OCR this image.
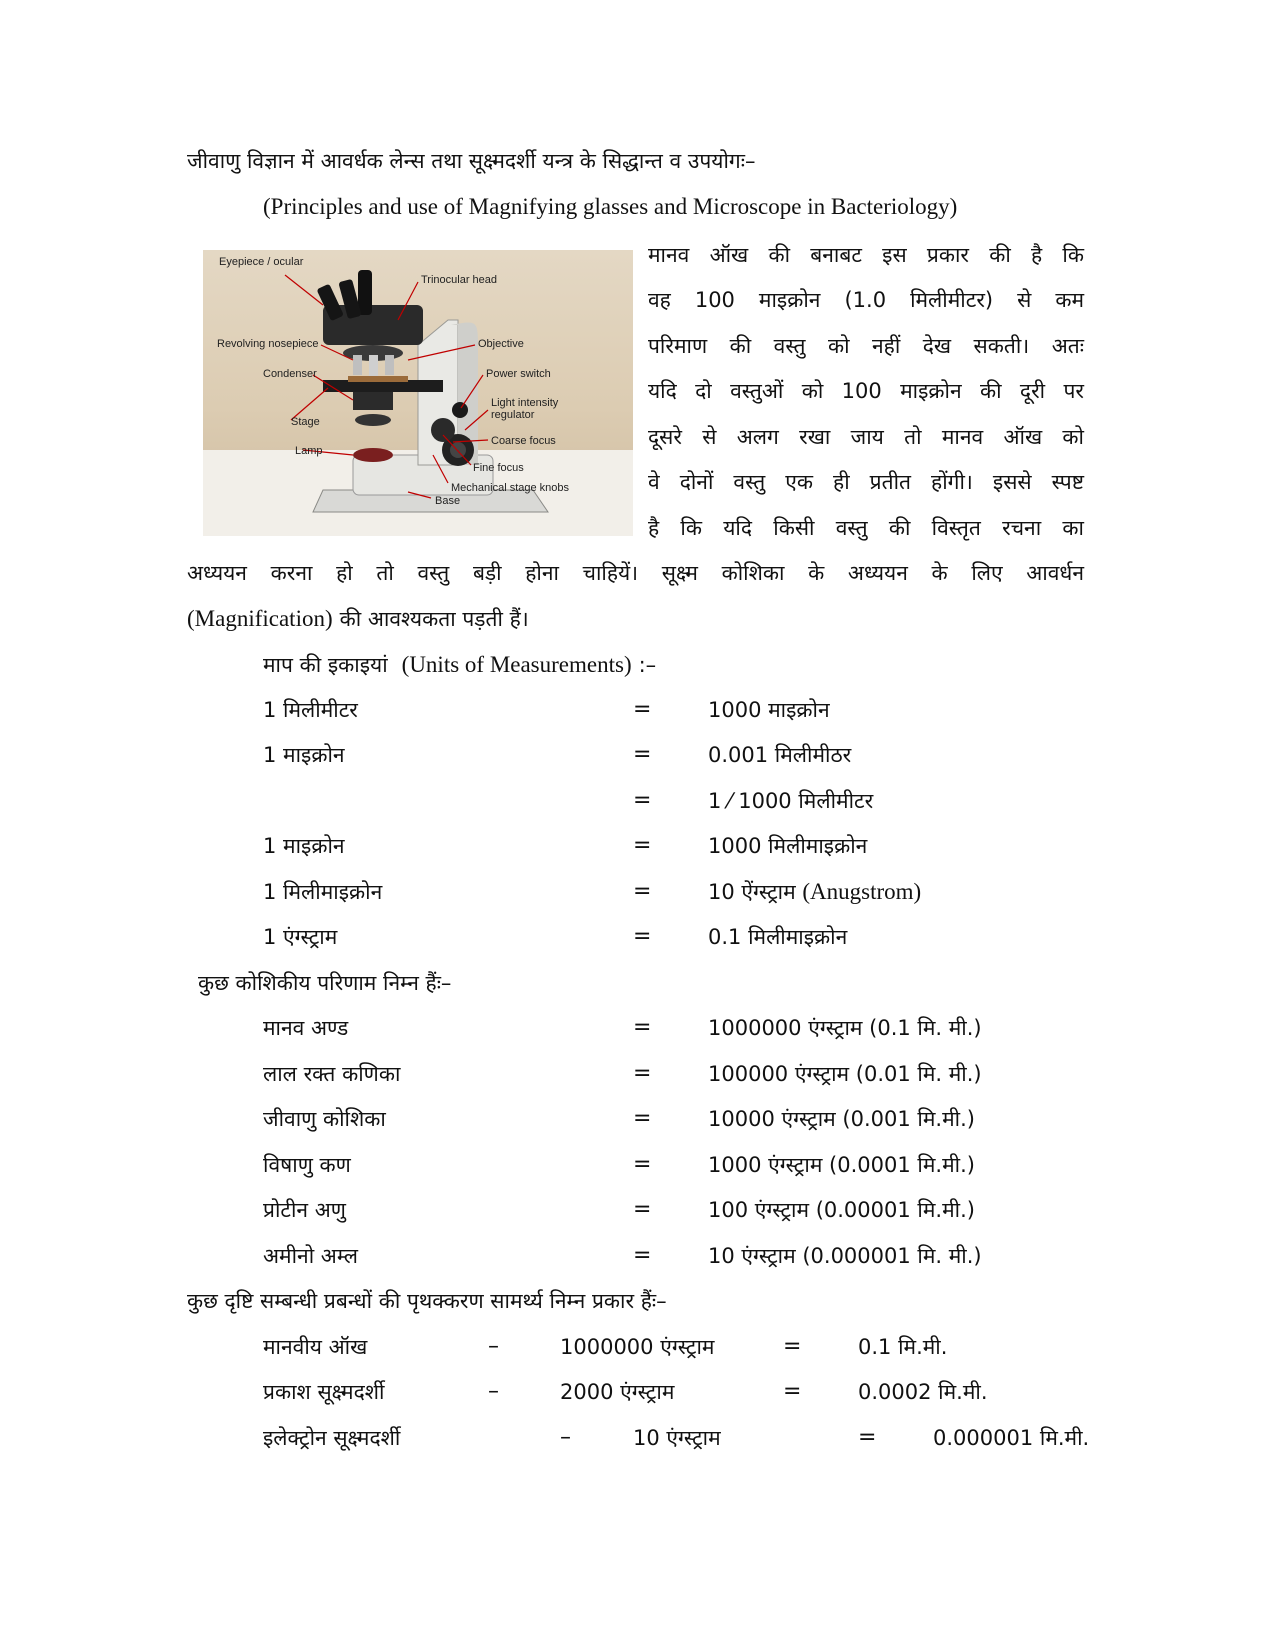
जीवाणु विज्ञान में आवर्धक लेन्स तथा सूक्ष्मदर्शी यन्त्र के सिद्धान्त व उपयोगः–
(Principles and use of Magnifying glasses and Microscope in Bacteriology)
Eyepiece / ocular
Trinocular head
Revolving nosepiece	Objective
Condenser	Power switch
Light intensity
regulator
Stage
Coarse focus
Lamp
Fine focus
Mechanical stage knobs
Base
मानव ऑख की बनाबट इस प्रकार की है कि
वह 100 माइक्रोन (1.0 मिलीमीटर) से कम
परिमाण की वस्तु को नहीं देख सकती। अतः
यदि दो वस्तुओं को 100 माइक्रोन की दूरी पर
दूसरे से अलग रखा जाय तो मानव ऑख को
वे दोनों वस्तु एक ही प्रतीत होंगी। इससे स्पष्ट
है कि यदि किसी वस्तु की विस्तृत रचना का
अध्ययन करना हो तो वस्तु बड़ी होना चाहियें। सूक्ष्म कोशिका के अध्ययन के लिए आवर्धन
(Magnification) की आवश्यकता पड़ती हैं।
माप की इकाइयां (Units of Measurements) :–
1 मिलीमीटर	=	1000 माइक्रोन
1 माइक्रोन	=	0.001 मिलीमीठर
=	1 ⁄ 1000 मिलीमीटर
1 माइक्रोन	=	1000 मिलीमाइक्रोन
1 मिलीमाइक्रोन	=	10 ऐंग्स्ट्राम (Anugstrom)
1 एंग्स्ट्राम	=	0.1 मिलीमाइक्रोन
कुछ कोशिकीय परिणाम निम्न हैंः–
मानव अण्ड	=	1000000 एंग्स्ट्राम (0.1 मि. मी.)
लाल रक्त कणिका	=	100000 एंग्स्ट्राम (0.01 मि. मी.)
जीवाणु कोशिका	=	10000 एंग्स्ट्राम (0.001 मि.मी.)
विषाणु कण	=	1000 एंग्स्ट्राम (0.0001 मि.मी.)
प्रोटीन अणु	=	100 एंग्स्ट्राम (0.00001 मि.मी.)
अमीनो अम्ल	=	10 एंग्स्ट्राम (0.000001 मि. मी.)
कुछ दृष्टि सम्बन्धी प्रबन्धों की पृथक्करण सामर्थ्य निम्न प्रकार हैंः–
मानवीय ऑख	–	1000000 एंग्स्ट्राम	=	0.1 मि.मी.
प्रकाश सूक्ष्मदर्शी	–	2000 एंग्स्ट्राम	=	0.0002 मि.मी.
इलेक्ट्रोन सूक्ष्मदर्शी	–	10 एंग्स्ट्राम	=	0.000001 मि.मी.
